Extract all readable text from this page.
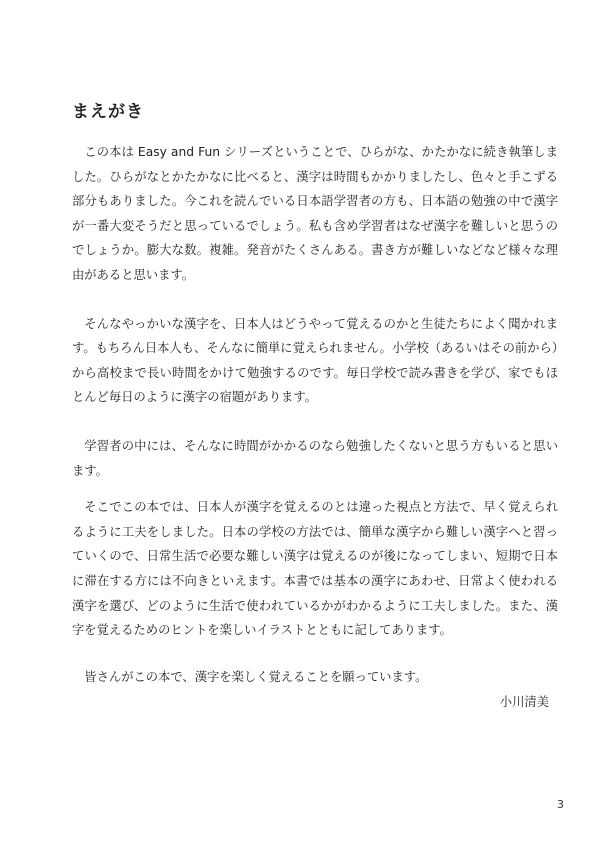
まえがき

この本は Easy and Fun シリーズということで、ひらがな、かたかなに続き執筆しました。ひらがなとかたかなに比べると、漢字は時間もかかりましたし、色々と手こずる部分もありました。今これを読んでいる日本語学習者の方も、日本語の勉強の中で漢字が一番大変そうだと思っているでしょう。私も含め学習者はなぜ漢字を難しいと思うのでしょうか。膨大な数。複雑。発音がたくさんある。書き方が難しいなどなど様々な理由があると思います。

そんなやっかいな漢字を、日本人はどうやって覚えるのかと生徒たちによく聞かれます。もちろん日本人も、そんなに簡単に覚えられません。小学校（あるいはその前から）から高校まで長い時間をかけて勉強するのです。毎日学校で読み書きを学び、家でもほとんど毎日のように漢字の宿題があります。

学習者の中には、そんなに時間がかかるのなら勉強したくないと思う方もいると思います。

そこでこの本では、日本人が漢字を覚えるのとは違った視点と方法で、早く覚えられるように工夫をしました。日本の学校の方法では、簡単な漢字から難しい漢字へと習っていくので、日常生活で必要な難しい漢字は覚えるのが後になってしまい、短期で日本に滞在する方には不向きといえます。本書では基本の漢字にあわせ、日常よく使われる漢字を選び、どのように生活で使われているかがわかるように工夫しました。また、漢字を覚えるためのヒントを楽しいイラストとともに記してあります。

皆さんがこの本で、漢字を楽しく覚えることを願っています。

小川清美
3
